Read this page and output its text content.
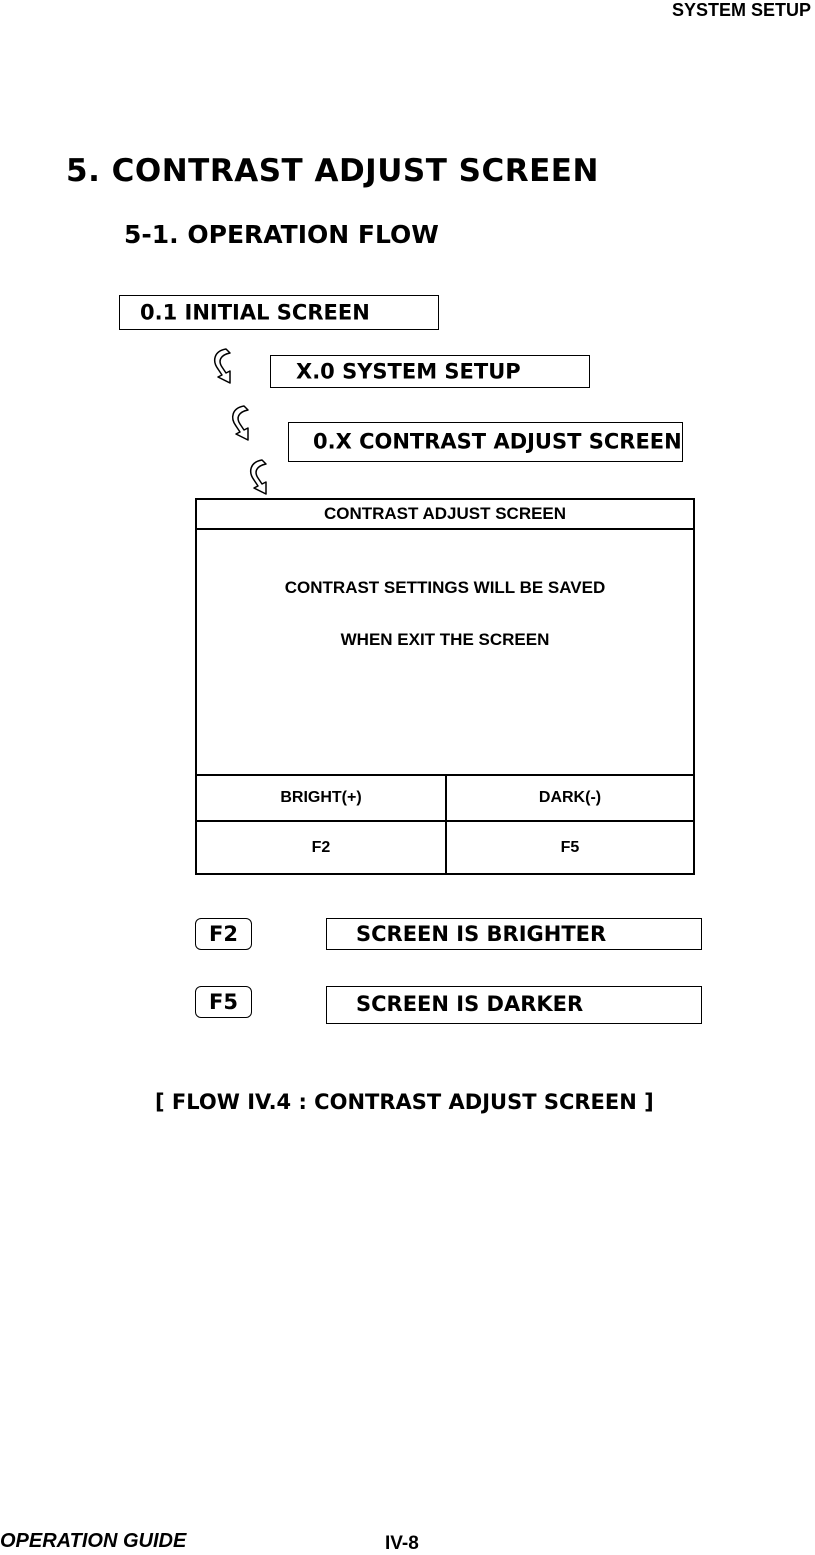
SYSTEM SETUP
5. CONTRAST ADJUST SCREEN
5-1. OPERATION FLOW
0.1 INITIAL SCREEN
X.0 SYSTEM SETUP
0.X CONTRAST ADJUST SCREEN
CONTRAST ADJUST SCREEN
CONTRAST SETTINGS WILL BE SAVED
WHEN EXIT THE SCREEN
BRIGHT(+)	DARK(-)
F2	F5
F2	SCREEN IS BRIGHTER
F5	SCREEN IS DARKER
[ FLOW IV.4 : CONTRAST ADJUST SCREEN ]
OPERATION GUIDE	IV-8
